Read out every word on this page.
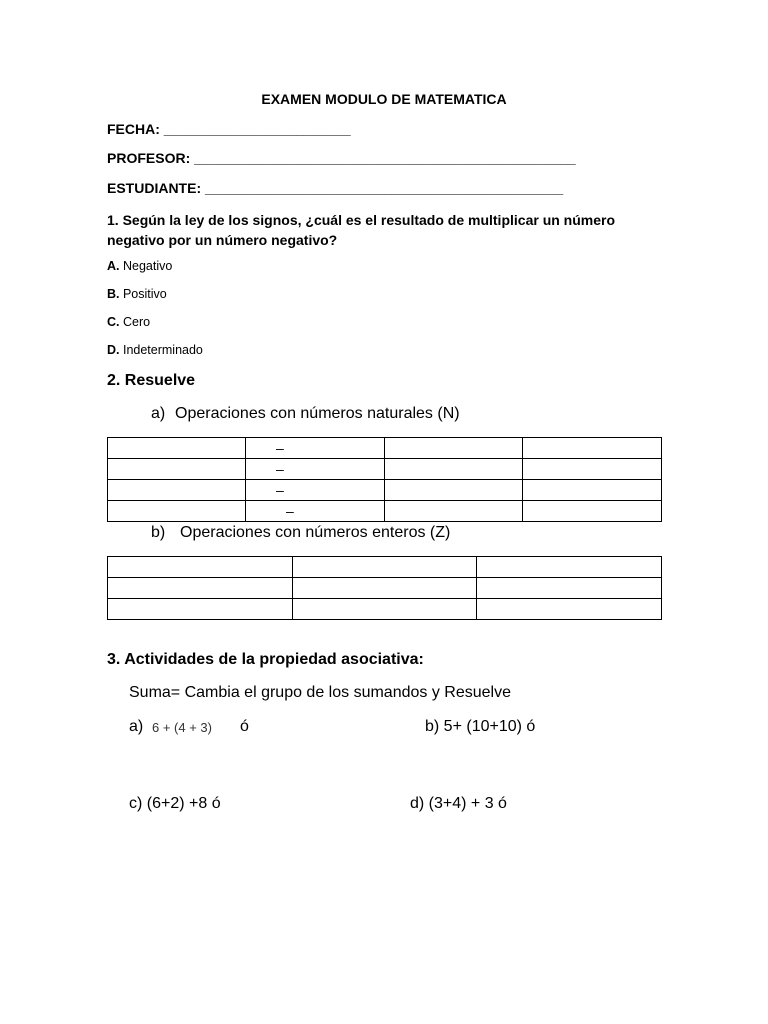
EXAMEN MODULO DE MATEMATICA
FECHA: ________________________
PROFESOR: _________________________________________________
ESTUDIANTE: ______________________________________________
1. Según la ley de los signos, ¿cuál es el resultado de multiplicar un número negativo por un número negativo?
A. Negativo
B. Positivo
C. Cero
D. Indeterminado
2. Resuelve
a) Operaciones con números naturales (N)
	–		
	–		
	–		
	–		
b) Operaciones con números enteros (Z)

3. Actividades de la propiedad asociativa:
Suma= Cambia el grupo de los sumandos y Resuelve
a) 6 + (4 + 3) ó	b) 5+ (10+10) ó
c) (6+2) +8 ó	d) (3+4) + 3 ó
